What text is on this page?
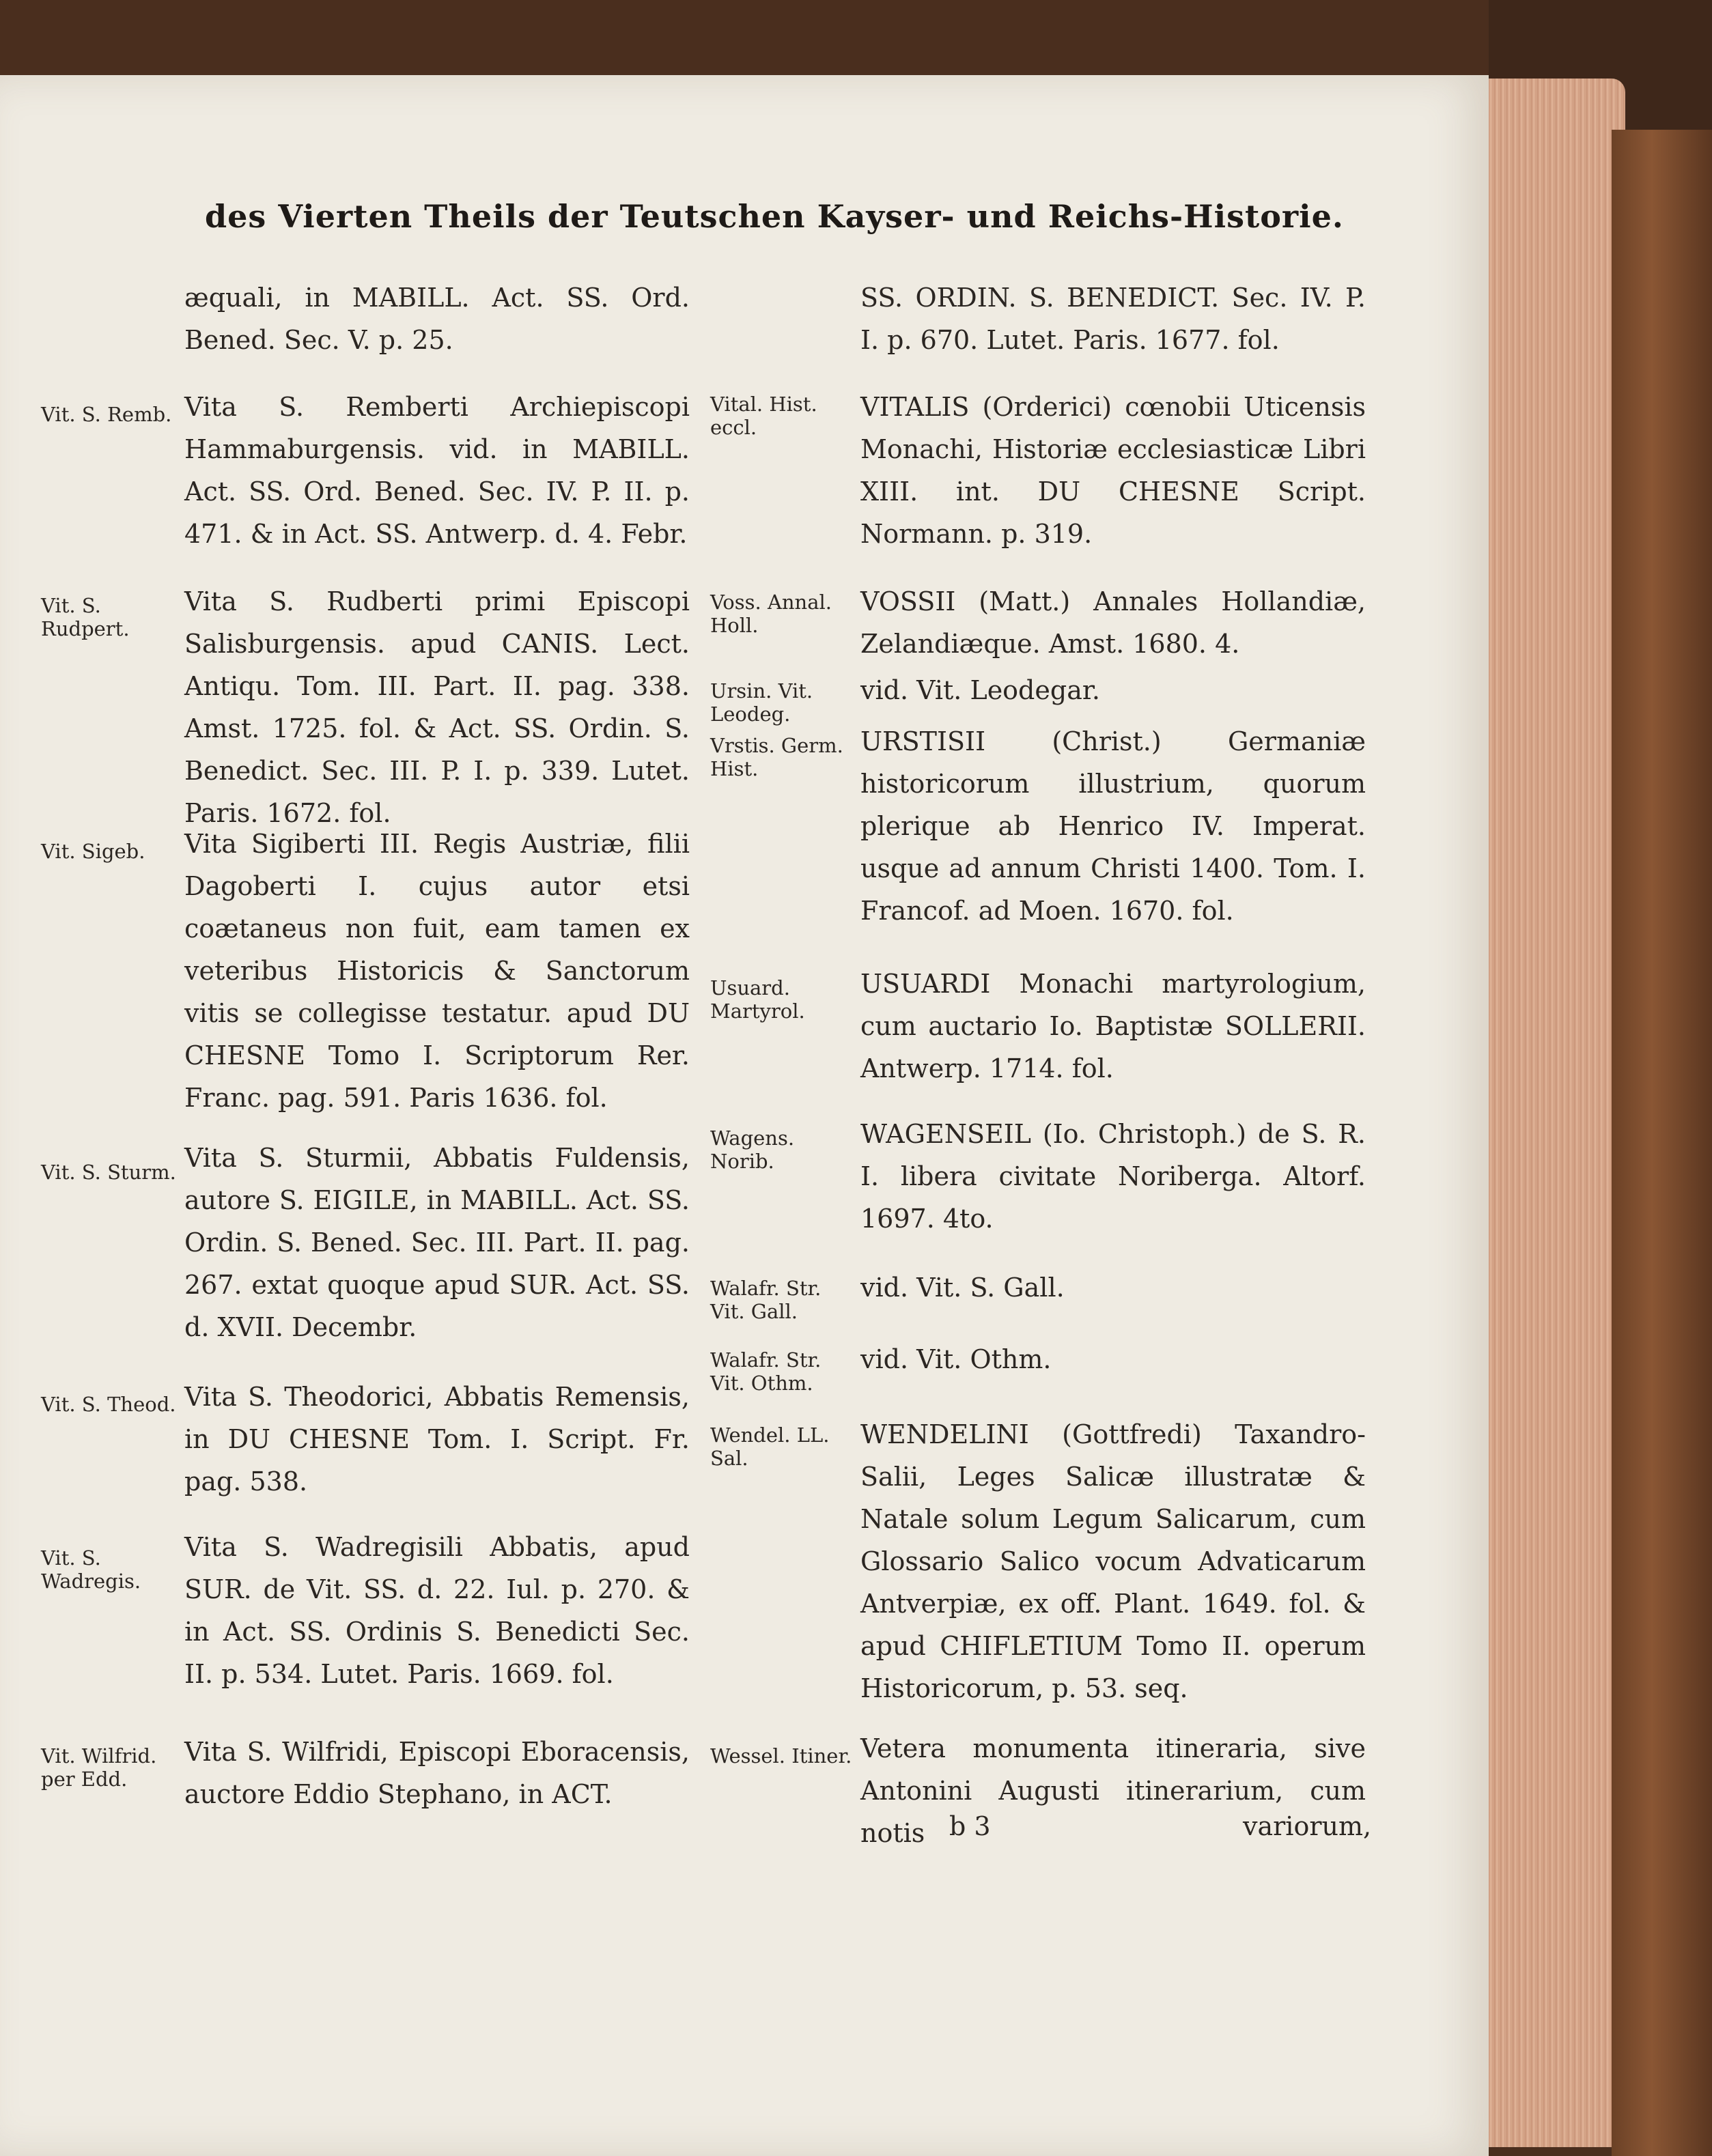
des Vierten Theils der Teutschen Kayser- und Reichs-Historie.

æquali, in MABILL. Act. SS. Ord. Bened. Sec. V. p. 25.

Vita S. Remberti Archiepiscopi Hammaburgensis. vid. in MABILL. Act. SS. Ord. Bened. Sec. IV. P. II. p. 471. & in Act. SS. Antwerp. d. 4. Febr.

Vita S. Rudberti primi Episcopi Salisburgensis. apud CANIS. Lect. Antiqu. Tom. III. Part. II. pag. 338. Amst. 1725. fol. & Act. SS. Ordin. S. Benedict. Sec. III. P. I. p. 339. Lutet. Paris. 1672. fol.

Vita Sigiberti III. Regis Austriæ, filii Dagoberti I. cujus autor etsi coætaneus non fuit, eam tamen ex veteribus Historicis & Sanctorum vitis se collegisse testatur. apud DU CHESNE Tomo I. Scriptorum Rer. Franc. pag. 591. Paris 1636. fol.

Vita S. Sturmii, Abbatis Fuldensis, autore S. EIGILE, in MABILL. Act. SS. Ordin. S. Bened. Sec. III. Part. II. pag. 267. extat quoque apud SUR. Act. SS. d. XVII. Decembr.

Vita S. Theodorici, Abbatis Remensis, in DU CHESNE Tom. I. Script. Fr. pag. 538.

Vita S. Wadregisili Abbatis, apud SUR. de Vit. SS. d. 22. Iul. p. 270. & in Act. SS. Ordinis S. Benedicti Sec. II. p. 534. Lutet. Paris. 1669. fol.

Vita S. Wilfridi, Episcopi Eboracensis, auctore Eddio Stephano, in ACT.

Vit. S. Remb.
Vit. S. Rudpert.
Vit. Sigeb.
Vit. S. Sturm.
Vit. S. Theod.
Vit. S. Wadregis.
Vit. Wilfrid. per Edd.

SS. ORDIN. S. BENEDICT. Sec. IV. P. I. p. 670. Lutet. Paris. 1677. fol.

VITALIS (Orderici) cœnobii Uticensis Monachi, Historiæ ecclesiasticæ Libri XIII. int. DU CHESNE Script. Normann. p. 319.

VOSSII (Matt.) Annales Hollandiæ, Zelandiæque. Amst. 1680. 4.

vid. Vit. Leodegar.

URSTISII (Christ.) Germaniæ historicorum illustrium, quorum plerique ab Henrico IV. Imperat. usque ad annum Christi 1400. Tom. I. Francof. ad Moen. 1670. fol.

USUARDI Monachi martyrologium, cum auctario Io. Baptistæ SOLLERII. Antwerp. 1714. fol.

WAGENSEIL (Io. Christoph.) de S. R. I. libera civitate Noriberga. Altorf. 1697. 4to.

vid. Vit. S. Gall.

vid. Vit. Othm.

WENDELINI (Gottfredi) Taxandro-Salii, Leges Salicæ illustratæ & Natale solum Legum Salicarum, cum Glossario Salico vocum Advaticarum Antverpiæ, ex off. Plant. 1649. fol. & apud CHIFLETIUM Tomo II. operum Historicorum, p. 53. seq.

Vetera monumenta itineraria, sive Antonini Augusti itinerarium, cum notis

Vital. Hist. eccl.
Voss. Annal. Holl.
Ursin. Vit. Leodeg.
Vrstis. Germ. Hist.
Usuard. Martyrol.
Wagens. Norib.
Walafr. Str. Vit. Gall.
Walafr. Str. Vit. Othm.
Wendel. LL. Sal.
Wessel. Itiner.
b 3	variorum,
